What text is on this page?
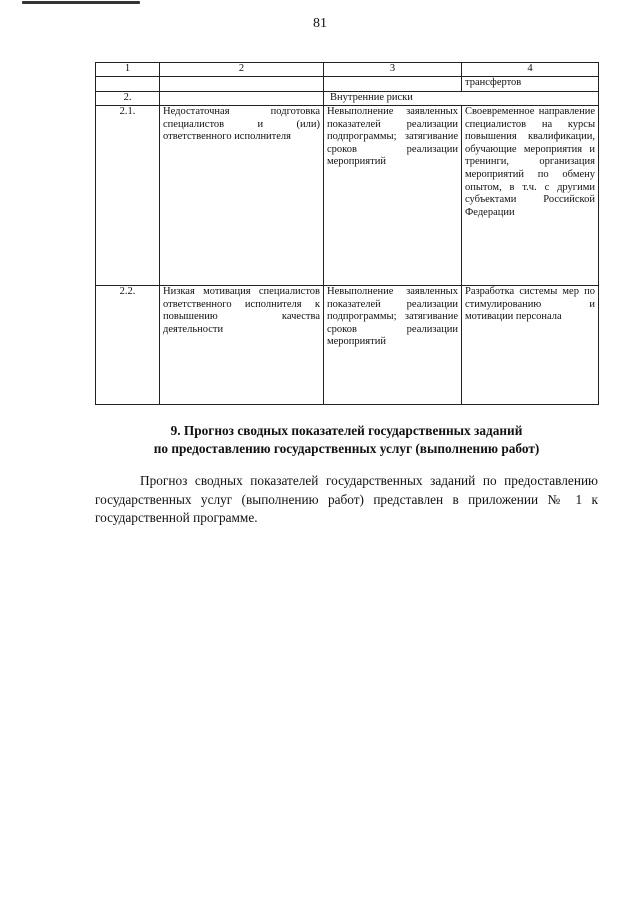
81
1	2	3	4
			трансфертов
2.		Внутренние риски	
2.1.	Недостаточная подготовка специалистов и (или) ответственного исполнителя	Невыполнение заявленных показателей реализации подпрограммы; затягивание сроков реализации мероприятий	Своевременное направление специалистов на курсы повышения квалификации, обучающие мероприятия и тренинги, организация мероприятий по обмену опытом, в т.ч. с другими субъектами Российской Федерации

2.2.	Низкая мотивация специалистов ответственного исполнителя к повышению качества деятельности	Невыполнение заявленных показателей реализации подпрограммы; затягивание сроков реализации мероприятий	Разработка системы мер по стимулированию и мотивации персонала
9. Прогноз сводных показателей государственных заданий
по предоставлению государственных услуг (выполнению работ)
Прогноз сводных показателей государственных заданий по предоставлению государственных услуг (выполнению работ) представлен в приложении № 1 к государственной программе.
